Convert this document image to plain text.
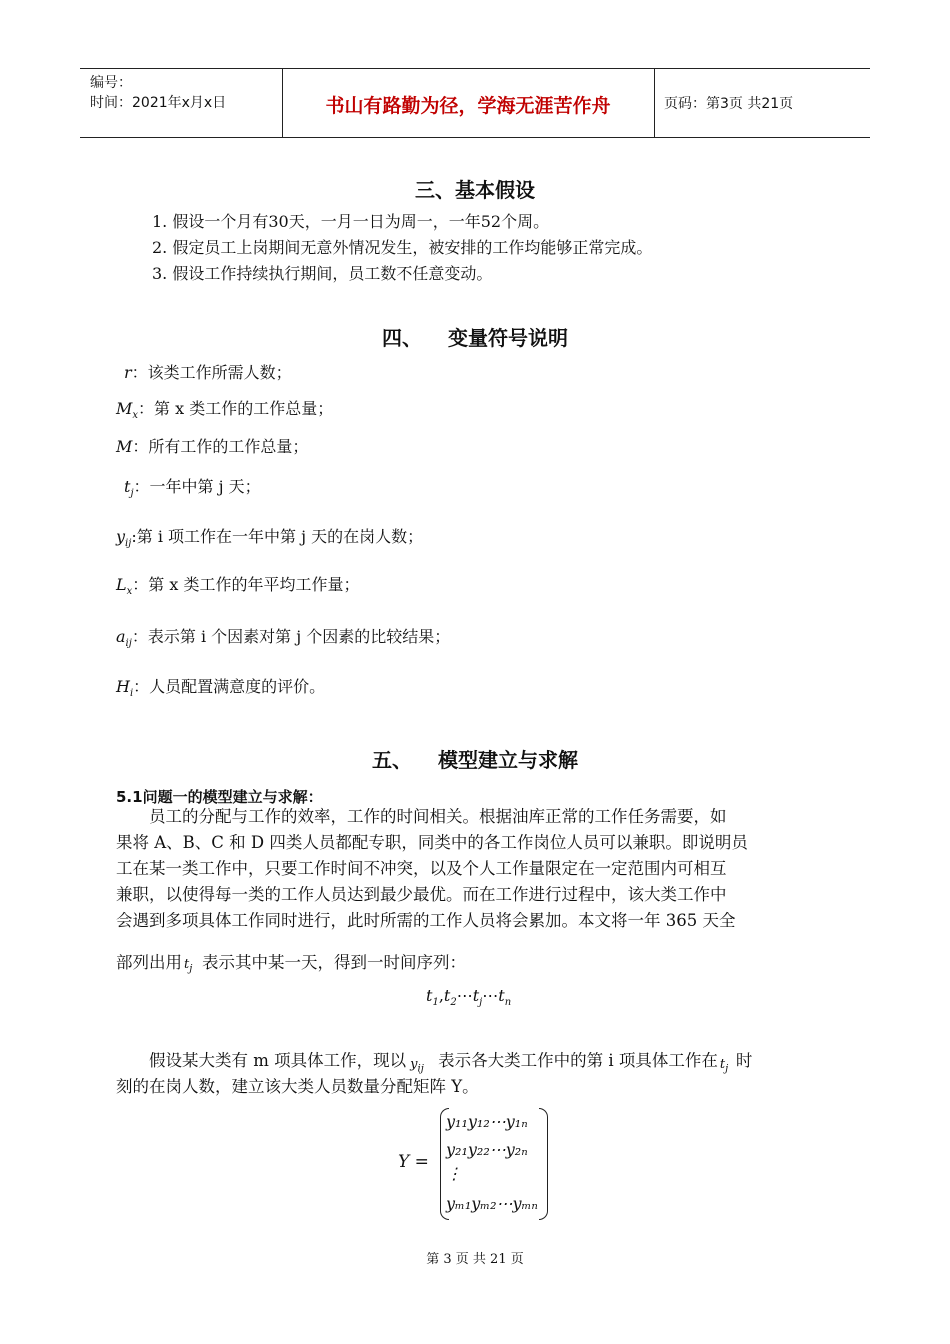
编号：
时间：2021年x月x日	书山有路勤为径，学海无涯苦作舟	页码：第3页 共21页
三、基本假设
1. 假设一个月有30天，一月一日为周一，一年52个周。
2. 假定员工上岗期间无意外情况发生，被安排的工作均能够正常完成。
3. 假设工作持续执行期间，员工数不任意变动。
四、 变量符号说明
r：该类工作所需人数；
$M_x$：第 x 类工作的工作总量；
M：所有工作的工作总量；
$t_j$：一年中第 j 天；
$y_{ij}$:第 i 项工作在一年中第 j 天的在岗人数；
$L_x$：第 x 类工作的年平均工作量；
$a_{ij}$：表示第 i 个因素对第 j 个因素的比较结果；
$H_i$：人员配置满意度的评价。
五、 模型建立与求解
5.1问题一的模型建立与求解：
　　员工的分配与工作的效率，工作的时间相关。根据油库正常的工作任务需要，如
果将 A、B、C 和 D 四类人员都配专职，同类中的各工作岗位人员可以兼职。即说明员
工在某一类工作中，只要工作时间不冲突，以及个人工作量限定在一定范围内可相互
兼职，以使得每一类的工作人员达到最少最优。而在工作进行过程中，该大类工作中
会遇到多项具体工作同时进行，此时所需的工作人员将会累加。本文将一年 365 天全
部列出用 $t_j$ 表示其中某一天，得到一时间序列：
$t_1,t_2\cdots t_j\cdots t_n$
　　假设某大类有 m 项具体工作，现以 $y_{ij}$ 表示各大类工作中的第 i 项具体工作在 $t_j$ 时
刻的在岗人数，建立该大类人员数量分配矩阵 Y。
Y =
y₁₁y₁₂⋯y₁ₙ
y₂₁y₂₂⋯y₂ₙ
⋮
yₘ₁yₘ₂⋯yₘₙ
第 3 页 共 21 页
